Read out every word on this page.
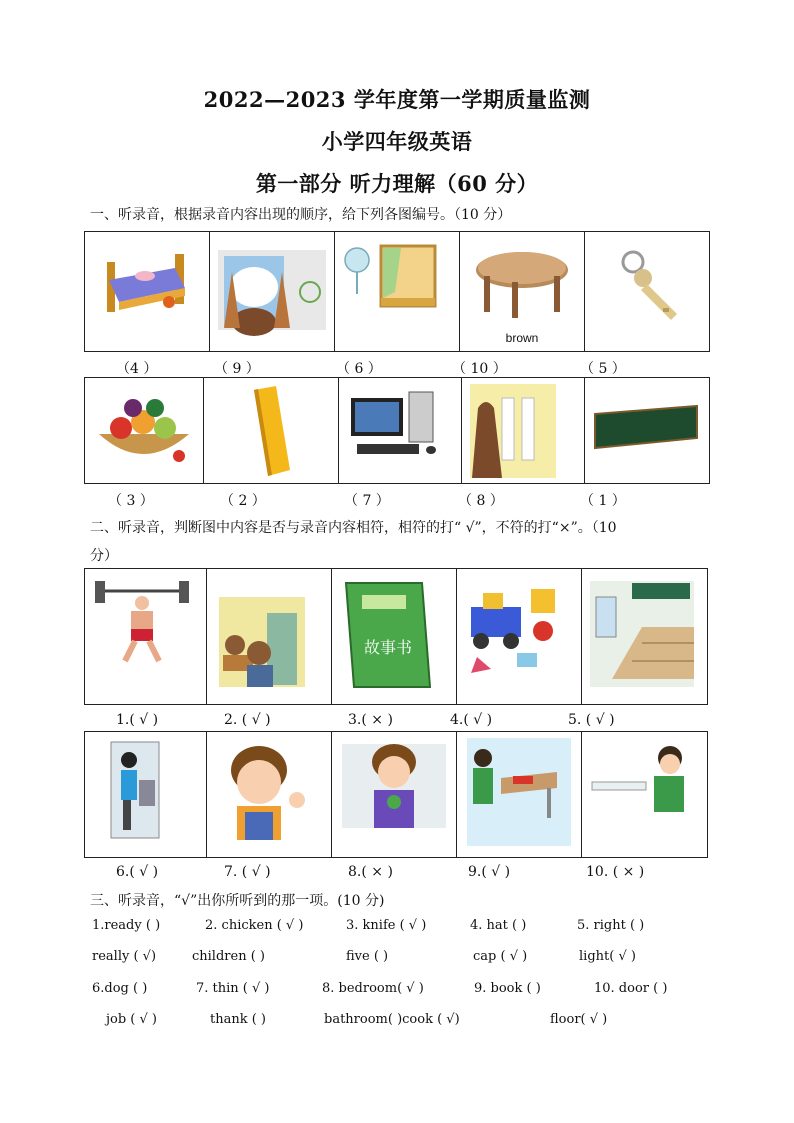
2022—2023 学年度第一学期质量监测
小学四年级英语
第一部分 听力理解（60 分）
一、听录音，根据录音内容出现的顺序，给下列各图编号。（10 分）

brown

（4 ）	（ 9 ）	（ 6 ）	（ 10 ）	（ 5 ）

（ 3 ）	（ 2 ）	（ 7 ）	（ 8 ）	（ 1 ）
二、听录音，判断图中内容是否与录音内容相符，相符的打“ √”，不符的打“×”。（10
分）

故事书

1.( √ )	2. ( √ )	3.( × )	4.( √ )	5. ( √ )

6.( √ )	7. ( √ )	8.( × )	9.( √ )	10. ( × )
三、听录音，“√”出你所听到的那一项。(10 分)
1.ready ( )	2. chicken ( √ )	3. knife ( √ )	4. hat ( )	5. right ( )
really ( √)	children ( )	five ( )	cap ( √ )	light( √ )
6.dog ( )	7. thin ( √ )	8. bedroom( √ )	9. book ( )	10. door ( )
job ( √ )	thank ( )	bathroom( )cook ( √)	floor( √ )
